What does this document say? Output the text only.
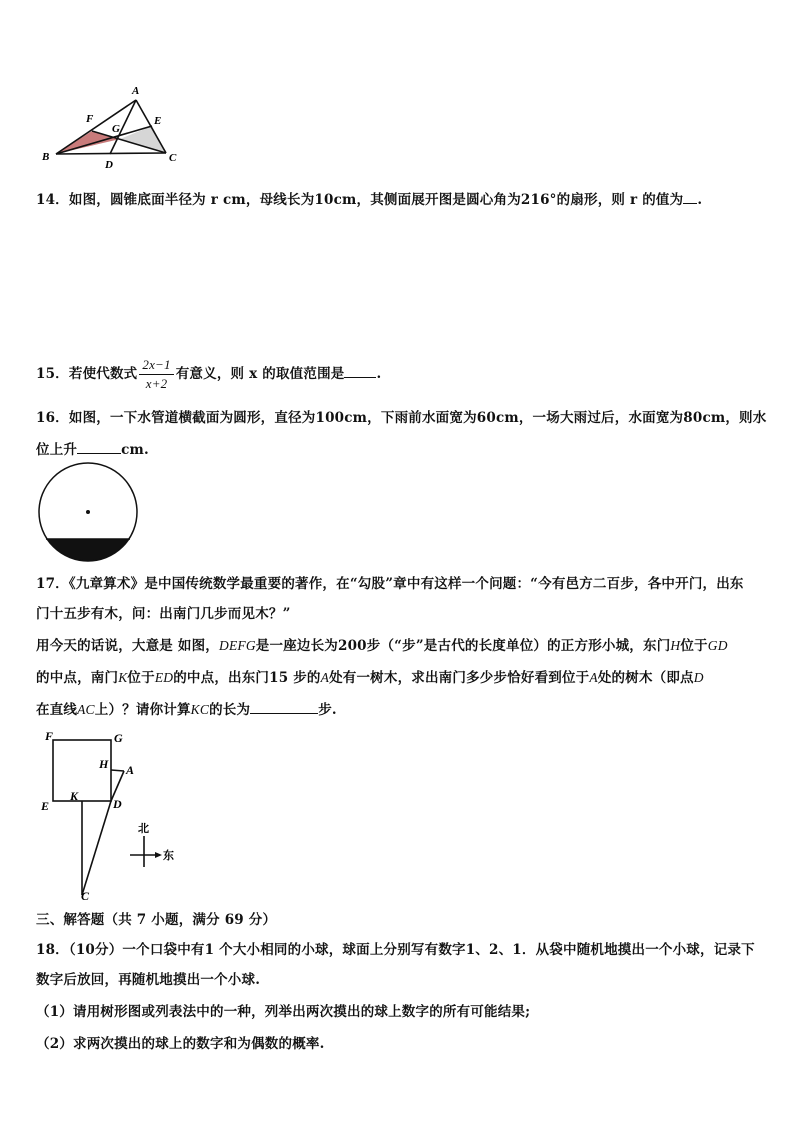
A
F
G
E
B
D
C
14．如图，圆锥底面半径为 r cm，母线长为10cm，其侧面展开图是圆心角为216°的扇形，则 r 的值为 .
15．若使代数式 $\frac{2x-1}{x+2}$ 有意义，则 x 的取值范围是 .
16．如图，一下水管道横截面为圆形，直径为100cm，下雨前水面宽为60cm，一场大雨过后，水面宽为80cm，则水
位上升	cm.
17．《九章算术》是中国传统数学最重要的著作，在“勾股”章中有这样一个问题：“今有邑方二百步，各中开门，出东
门十五步有木，问：出南门几步而见木？”
用今天的话说，大意是 如图，DEFG是一座边长为200步（“步”是古代的长度单位）的正方形小城，东门H位于GD
的中点，南门K位于ED的中点，出东门15 步的A处有一树木，求出南门多少步恰好看到位于A处的树木（即点D
在直线AC上）？请你计算KC的长为	步.
F	G
H A
E
K
D
C
北
东
三、解答题（共 7 小题，满分 69 分）
18．（10分）一个口袋中有1 个大小相同的小球，球面上分别写有数字1、2、1．从袋中随机地摸出一个小球，记录下
数字后放回，再随机地摸出一个小球.
（1）请用树形图或列表法中的一种，列举出两次摸出的球上数字的所有可能结果;
（2）求两次摸出的球上的数字和为偶数的概率.
